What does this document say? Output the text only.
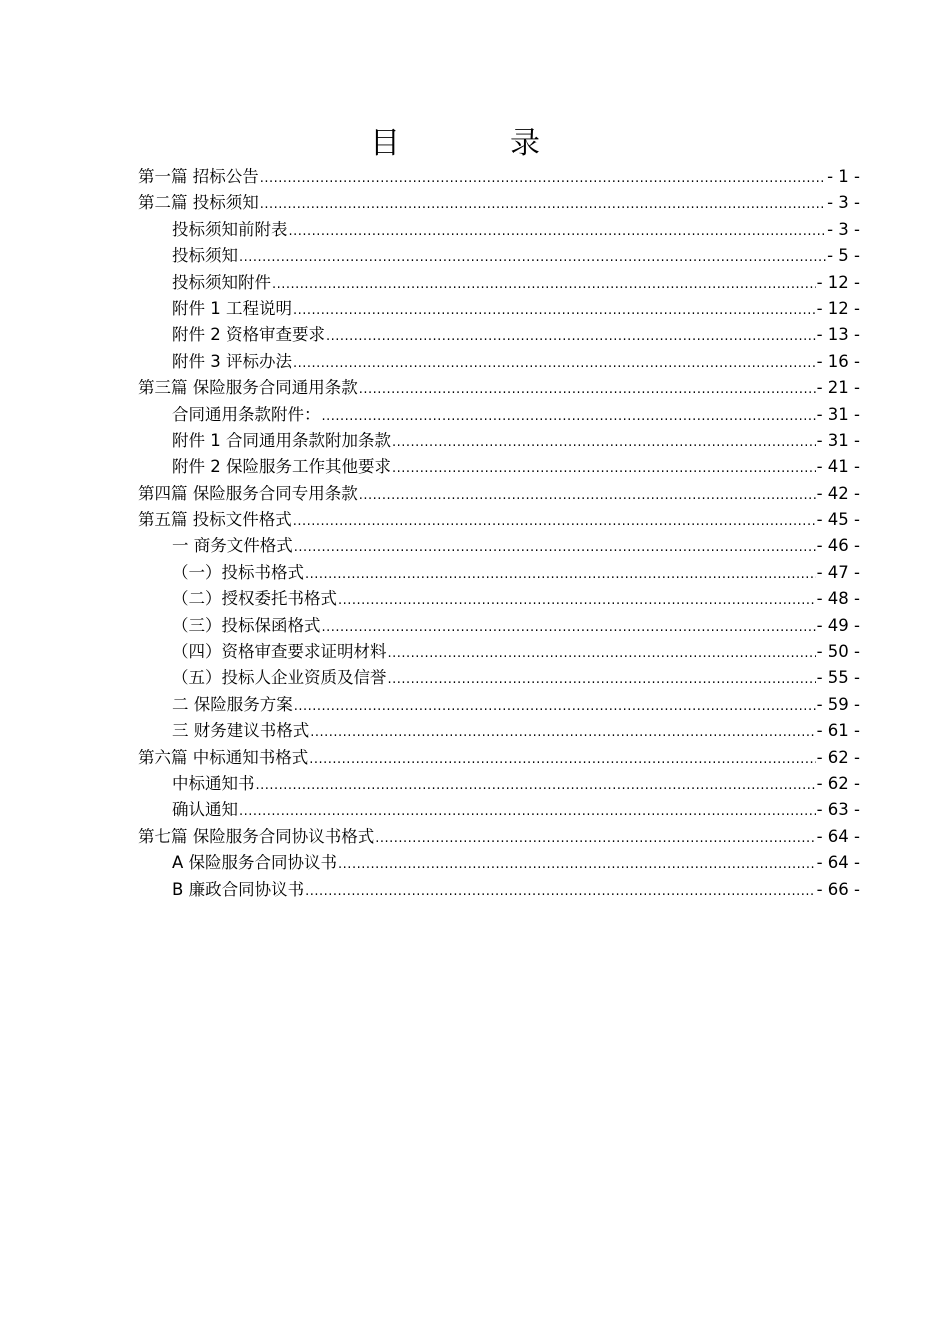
目　录
第一篇 招标公告 .....	- 1 -
第二篇 投标须知 .....	- 3 -
投标须知前附表 .....	- 3 -
投标须知 .....	- 5 -
投标须知附件 .....	- 12 -
附件 1 工程说明 .....	- 12 -
附件 2 资格审查要求 .....	- 13 -
附件 3 评标办法 .....	- 16 -
第三篇 保险服务合同通用条款 .....	- 21 -
合同通用条款附件： .....	- 31 -
附件 1 合同通用条款附加条款 .....	- 31 -
附件 2 保险服务工作其他要求 .....	- 41 -
第四篇 保险服务合同专用条款 .....	- 42 -
第五篇 投标文件格式 .....	- 45 -
一 商务文件格式 .....	- 46 -
（一）投标书格式 .....	- 47 -
（二）授权委托书格式 .....	- 48 -
（三）投标保函格式 .....	- 49 -
（四）资格审查要求证明材料 .....	- 50 -
（五）投标人企业资质及信誉 .....	- 55 -
二 保险服务方案 .....	- 59 -
三 财务建议书格式 .....	- 61 -
第六篇 中标通知书格式 .....	- 62 -
中标通知书 .....	- 62 -
确认通知 .....	- 63 -
第七篇 保险服务合同协议书格式 .....	- 64 -
A 保险服务合同协议书 .....	- 64 -
B 廉政合同协议书 .....	- 66 -
